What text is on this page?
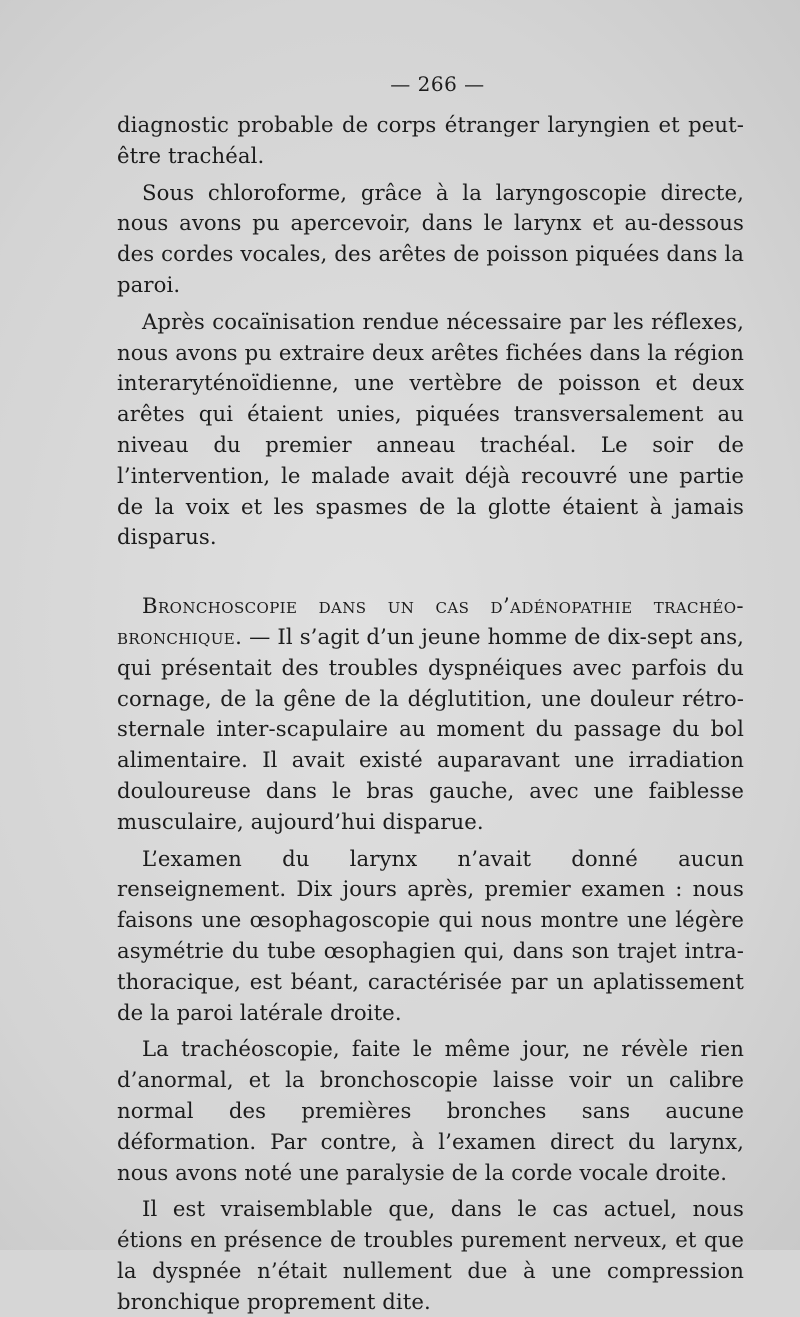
— 266 —

diagnostic probable de corps étranger laryngien et peut-être trachéal.

Sous chloroforme, grâce à la laryngoscopie directe, nous avons pu apercevoir, dans le larynx et au-dessous des cordes vocales, des arêtes de poisson piquées dans la paroi.

Après cocaïnisation rendue nécessaire par les réflexes, nous avons pu extraire deux arêtes fichées dans la région interaryténoïdienne, une vertèbre de poisson et deux arêtes qui étaient unies, piquées transversalement au niveau du premier anneau trachéal. Le soir de l’intervention, le malade avait déjà recouvré une partie de la voix et les spasmes de la glotte étaient à jamais disparus.

Bronchoscopie dans un cas d’adénopathie trachéo-bronchique. — Il s’agit d’un jeune homme de dix-sept ans, qui présentait des troubles dyspnéiques avec parfois du cornage, de la gêne de la déglutition, une douleur rétro-sternale inter-scapulaire au moment du passage du bol alimentaire. Il avait existé auparavant une irradiation douloureuse dans le bras gauche, avec une faiblesse musculaire, aujourd’hui disparue.

L’examen du larynx n’avait donné aucun renseignement. Dix jours après, premier examen : nous faisons une œsophagoscopie qui nous montre une légère asymétrie du tube œsophagien qui, dans son trajet intra-thoracique, est béant, caractérisée par un aplatissement de la paroi latérale droite.

La trachéoscopie, faite le même jour, ne révèle rien d’anormal, et la bronchoscopie laisse voir un calibre normal des premières bronches sans aucune déformation. Par contre, à l’examen direct du larynx, nous avons noté une paralysie de la corde vocale droite.

Il est vraisemblable que, dans le cas actuel, nous étions en présence de troubles purement nerveux, et que la dyspnée n’était nullement due à une compression bronchique proprement dite.
